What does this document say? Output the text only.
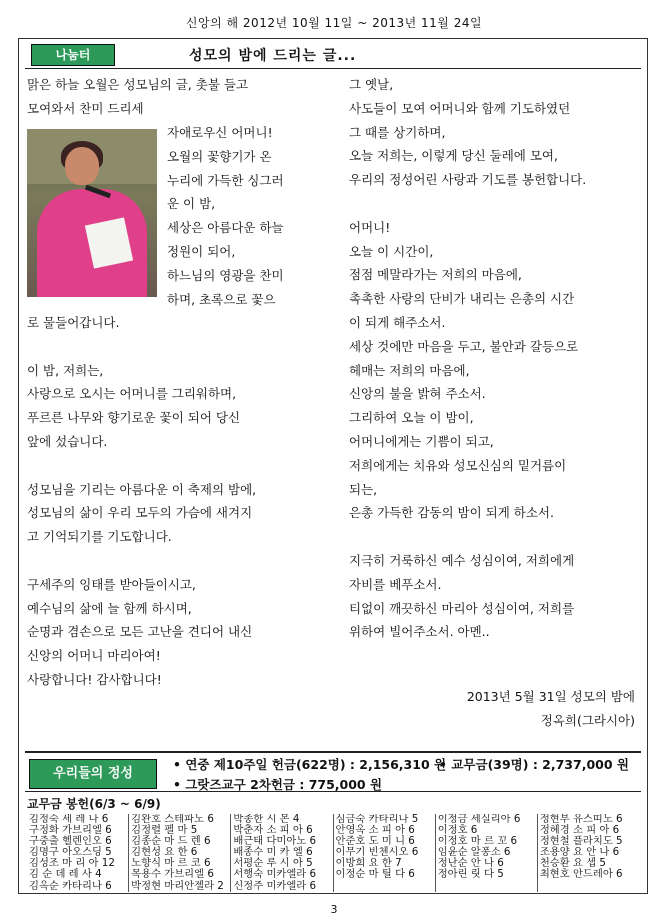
신앙의 해 2012년 10월 11일 ~ 2013년 11월 24일
나눔터	성모의 밤에 드리는 글...
맑은 하늘 오월은 성모님의 글, 촛불 들고
모여와서 찬미 드리세
자애로우신 어머니!
오월의 꽃향기가 온
누리에 가득한 싱그러
운 이 밤,
세상은 아름다운 하늘
정원이 되어,
하느님의 영광을 찬미
하며, 초록으로 꽃으
로 물들어갑니다.

이 밤, 저희는,
사랑으로 오시는 어머니를 그리워하며,
푸르른 나무와 향기로운 꽃이 되어 당신
앞에 섰습니다.

성모님을 기리는 아름다운 이 축제의 밤에,
성모님의 삶이 우리 모두의 가슴에 새겨지
고 기억되기를 기도합니다.

구세주의 잉태를 받아들이시고,
예수님의 삶에 늘 함께 하시며,
순명과 겸손으로 모든 고난을 견디어 내신
신앙의 어머니 마리아여!
사랑합니다! 감사합니다!
그 옛날,
사도들이 모여 어머니와 함께 기도하였던
그 때를 상기하며,
오늘 저희는, 이렇게 당신 둘레에 모여,
우리의 정성어린 사랑과 기도를 봉헌합니다.

어머니!
오늘 이 시간이,
점점 메말라가는 저희의 마음에,
촉촉한 사랑의 단비가 내리는 은총의 시간
이 되게 해주소서.
세상 것에만 마음을 두고, 불안과 갈등으로
헤매는 저희의 마음에,
신앙의 불을 밝혀 주소서.
그리하여 오늘 이 밤이,
어머니에게는 기쁨이 되고,
저희에게는 치유와 성모신심의 밑거름이
되는,
은총 가득한 감동의 밤이 되게 하소서.

지극히 거룩하신 예수 성심이여, 저희에게
자비를 베푸소서.
티없이 깨끗하신 마리아 성심이여, 저희를
위하여 빌어주소서. 아멘..
2013년 5월 31일 성모의 밤에
정옥희(그라시아)
우리들의 정성
• 연중 제10주일 헌금(622명) : 2,156,310 원
• 교무금(39명) : 2,737,000 원
• 그랏즈교구 2차헌금 : 775,000 원
교무금 봉헌(6/3 ~ 6/9)
김정숙 세 레 나 6
구정화 가브리엘 6
구중출 헬렌인오 6
김명구 아오스딩 5
김성조 마 리 아 12
김 순 데 레 사 4
김옥순 카타리나 6
김완호 스테파노 6
김정렬 펠 마 5
김종순 마 드 렌 6
김현성 요 한 6
노향식 마 르 코 6
목용수 가브리엘 6
박정현 마리안젤라 2
박종한 시 몬 4
박춘자 소 피 아 6
배근태 다미아노 6
배종수 미 카 엘 6
서평순 루 시 아 5
서행숙 미카엘라 6
신정주 미카엘라 6
심금숙 카타리나 5
안영옥 소 피 아 6
안준호 도 미 니 6
이무기 빈첸시오 6
이방희 요 한 7
이정순 마 틸 다 6
이정금 세실리아 6
이정호 6
이정호 마 르 꼬 6
임윤순 알퐁소 6
정난순 안 나 6
정아린 릿 다 5
정현부 유스띠노 6
정혜경 소 피 아 6
정현철 플라치도 5
조용양 요 안 나 6
천승환 요 셉 5
최현호 안드레아 6
3
